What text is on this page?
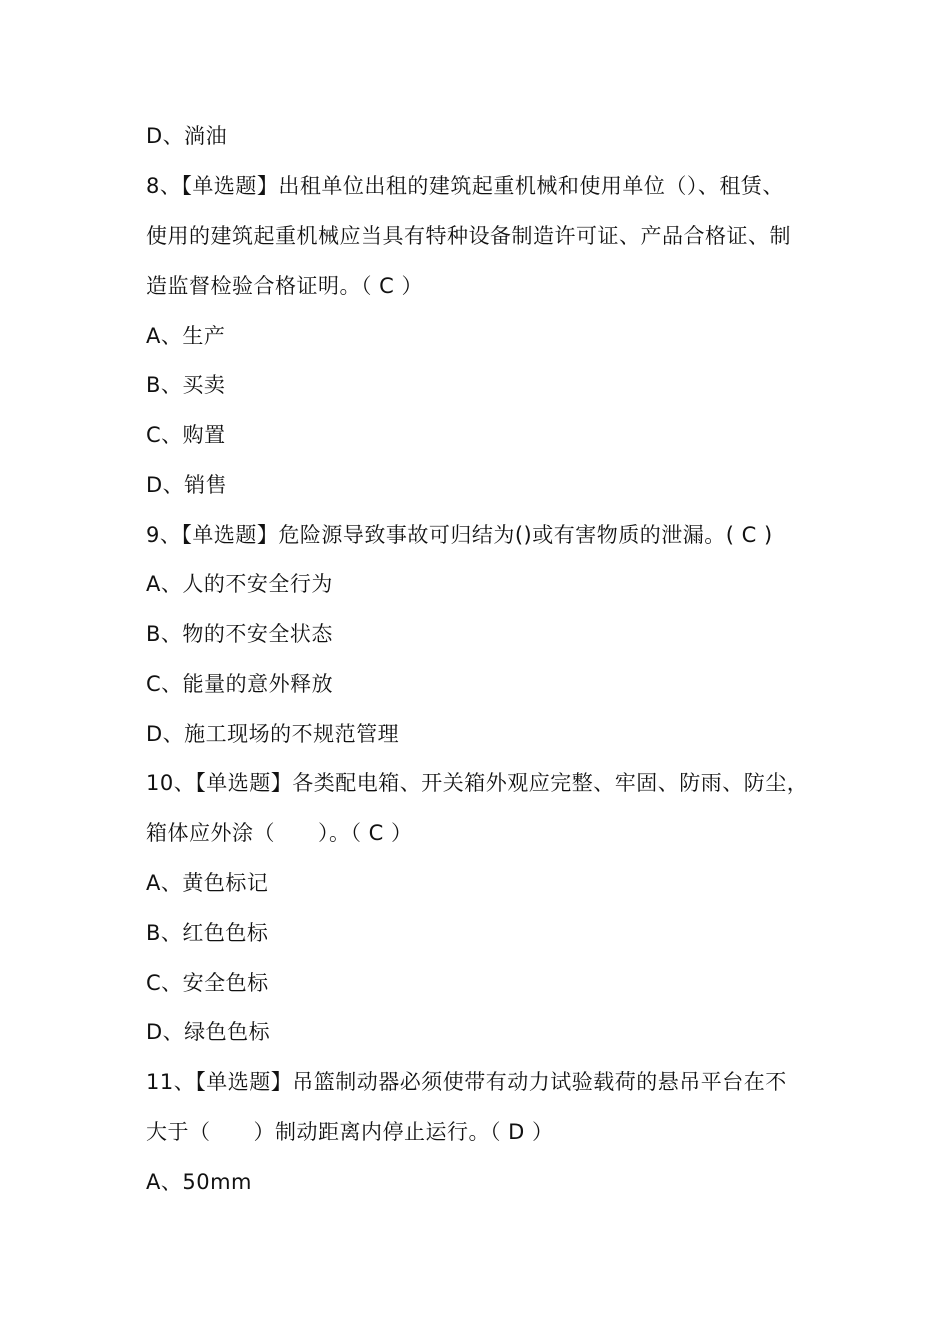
D、淌油
8、【单选题】出租单位出租的建筑起重机械和使用单位（）、租赁、
使用的建筑起重机械应当具有特种设备制造许可证、产品合格证、制
造监督检验合格证明。（ C ）
A、生产
B、买卖
C、购置
D、销售
9、【单选题】危险源导致事故可归结为()或有害物质的泄漏。( C )
A、人的不安全行为
B、物的不安全状态
C、能量的意外释放
D、施工现场的不规范管理
10、【单选题】各类配电箱、开关箱外观应完整、牢固、防雨、防尘，
箱体应外涂（　　）。（ C ）
A、黄色标记
B、红色色标
C、安全色标
D、绿色色标
11、【单选题】吊篮制动器必须使带有动力试验载荷的悬吊平台在不
大于（　　）制动距离内停止运行。（ D ）
A、50mm
